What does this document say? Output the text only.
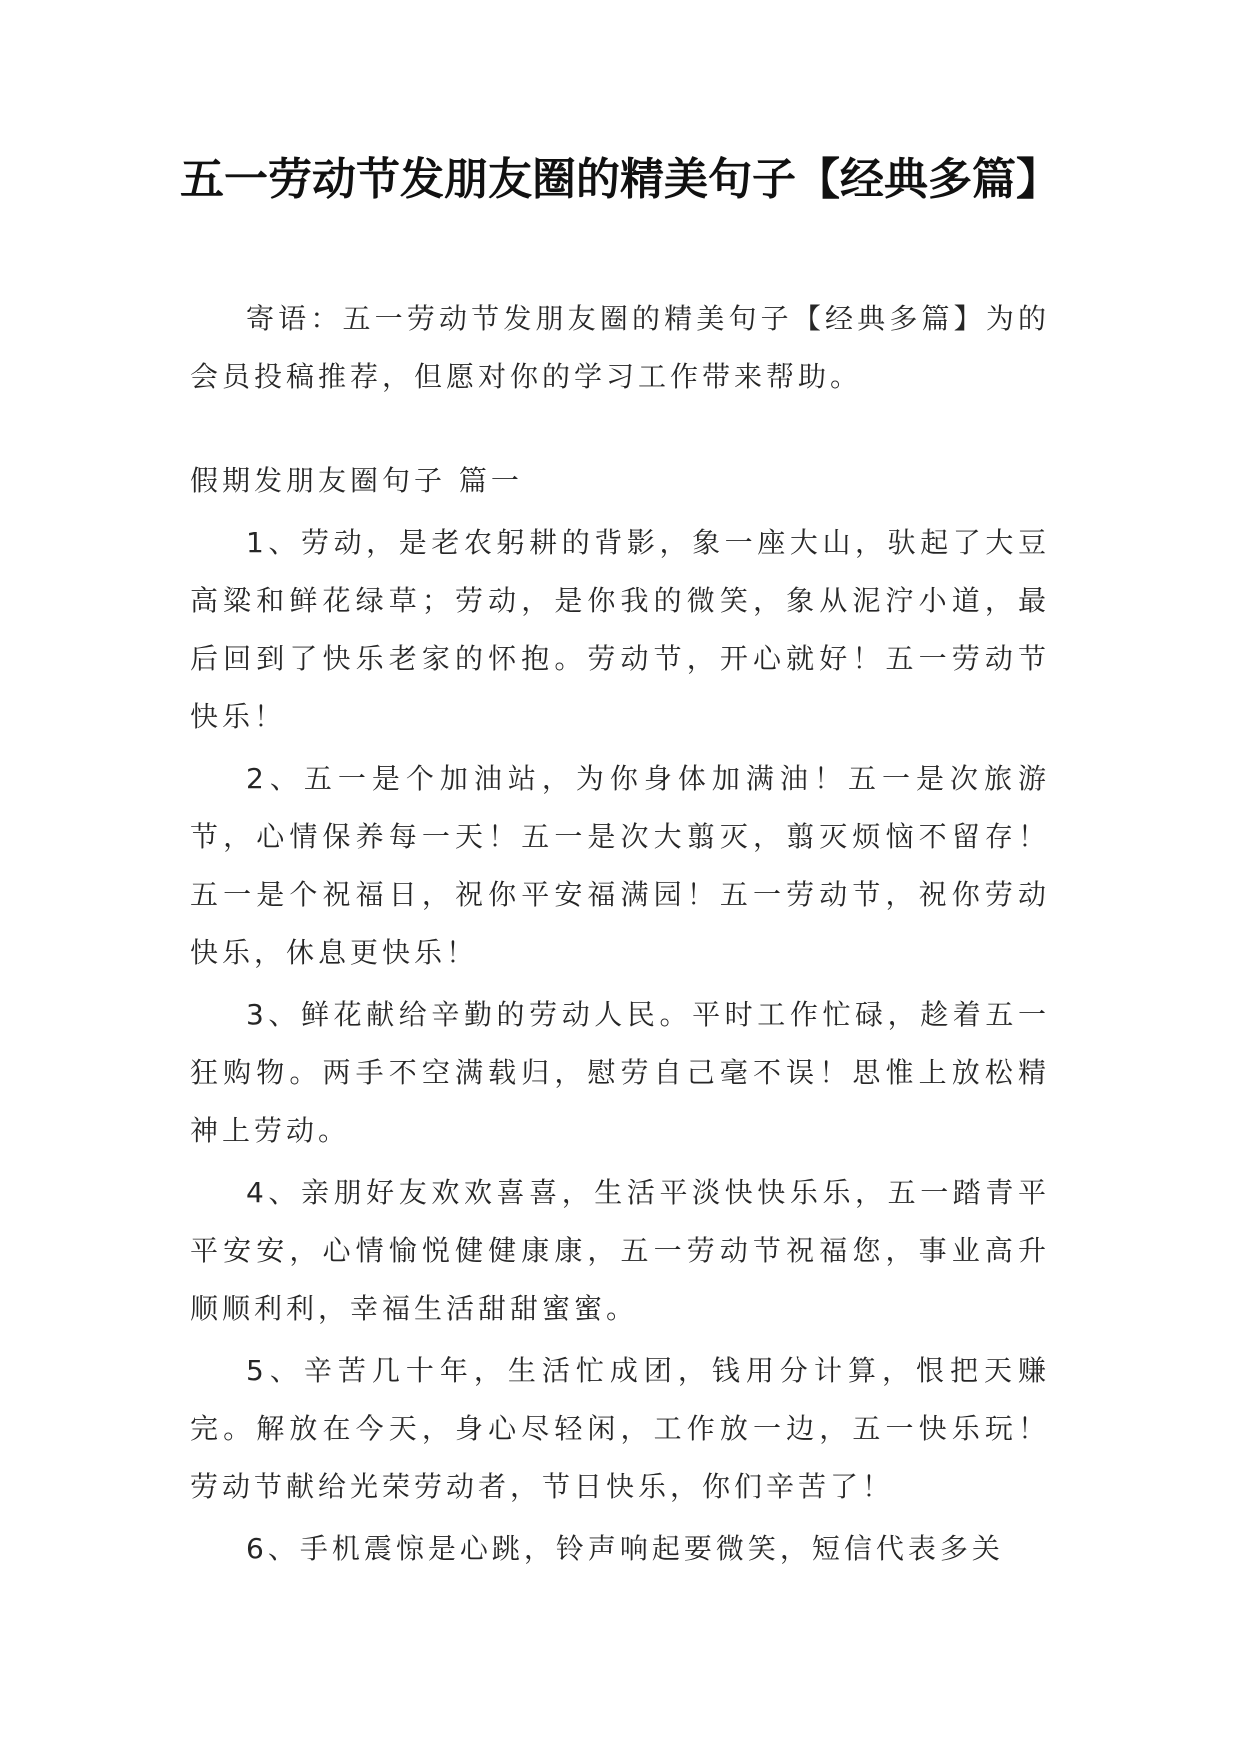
五一劳动节发朋友圈的精美句子【经典多篇】

寄语：五一劳动节发朋友圈的精美句子【经典多篇】为的会员投稿推荐，但愿对你的学习工作带来帮助。

假期发朋友圈句子 篇一

1、劳动，是老农躬耕的背影，象一座大山，驮起了大豆高粱和鲜花绿草；劳动，是你我的微笑，象从泥泞小道，最后回到了快乐老家的怀抱。劳动节，开心就好！五一劳动节快乐！

2、五一是个加油站，为你身体加满油！五一是次旅游节，心情保养每一天！五一是次大翦灭，翦灭烦恼不留存！五一是个祝福日，祝你平安福满园！五一劳动节，祝你劳动快乐，休息更快乐！

3、鲜花献给辛勤的劳动人民。平时工作忙碌，趁着五一狂购物。两手不空满载归，慰劳自己毫不误！思惟上放松精神上劳动。

4、亲朋好友欢欢喜喜，生活平淡快快乐乐，五一踏青平平安安，心情愉悦健健康康，五一劳动节祝福您，事业高升顺顺利利，幸福生活甜甜蜜蜜。

5、辛苦几十年，生活忙成团，钱用分计算，恨把天赚完。解放在今天，身心尽轻闲，工作放一边，五一快乐玩！劳动节献给光荣劳动者，节日快乐，你们辛苦了！

6、手机震惊是心跳，铃声响起要微笑，短信代表多关
